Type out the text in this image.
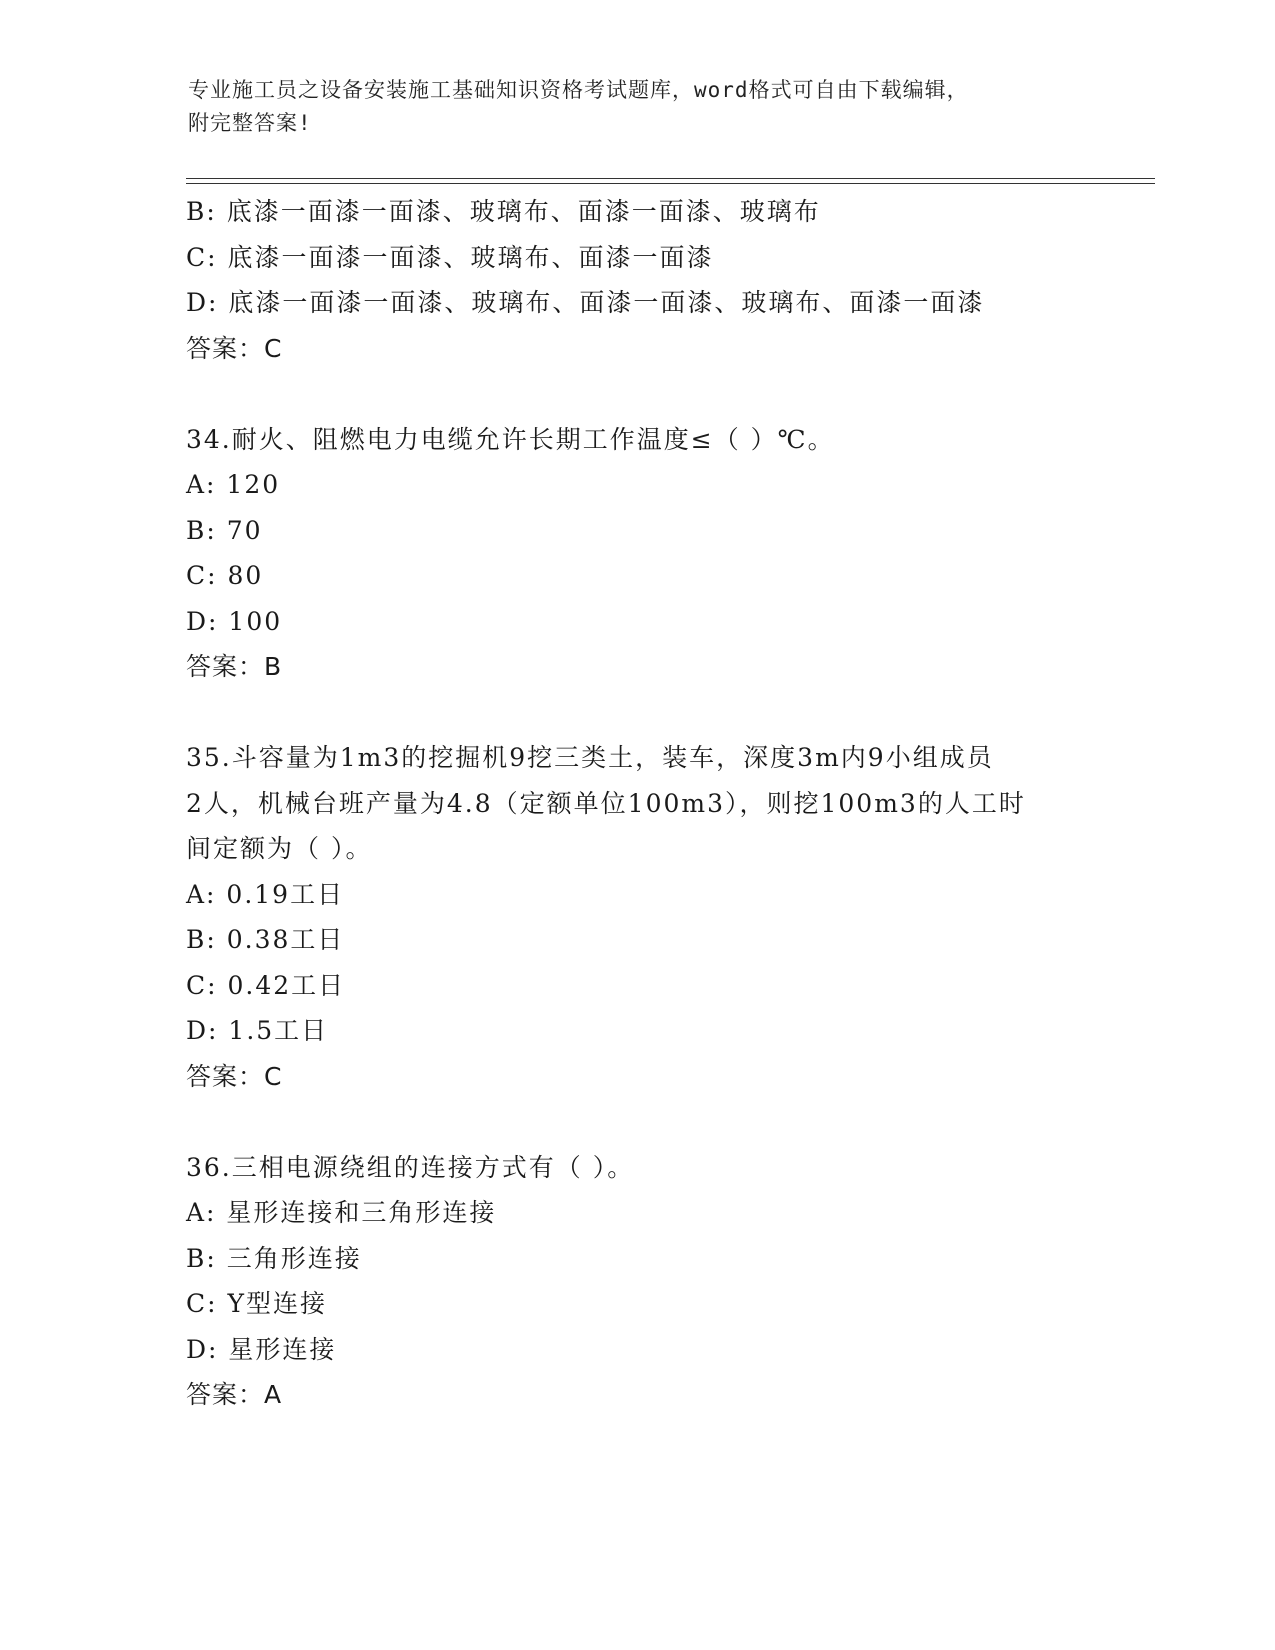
专业施工员之设备安装施工基础知识资格考试题库，word格式可自由下载编辑，
附完整答案!
B: 底漆一面漆一面漆、玻璃布、面漆一面漆、玻璃布
C: 底漆一面漆一面漆、玻璃布、面漆一面漆
D: 底漆一面漆一面漆、玻璃布、面漆一面漆、玻璃布、面漆一面漆
答案：C
34.耐火、阻燃电力电缆允许长期工作温度≤（ ）℃。
A: 120
B: 70
C: 80
D: 100
答案：B
35.斗容量为1m3的挖掘机9挖三类土，装车，深度3m内9小组成员
2人，机械台班产量为4.8（定额单位100m3），则挖100m3的人工时
间定额为（ ）。
A: 0.19工日
B: 0.38工日
C: 0.42工日
D: 1.5工日
答案：C
36.三相电源绕组的连接方式有（ ）。
A: 星形连接和三角形连接
B: 三角形连接
C: Y型连接
D: 星形连接
答案：A
